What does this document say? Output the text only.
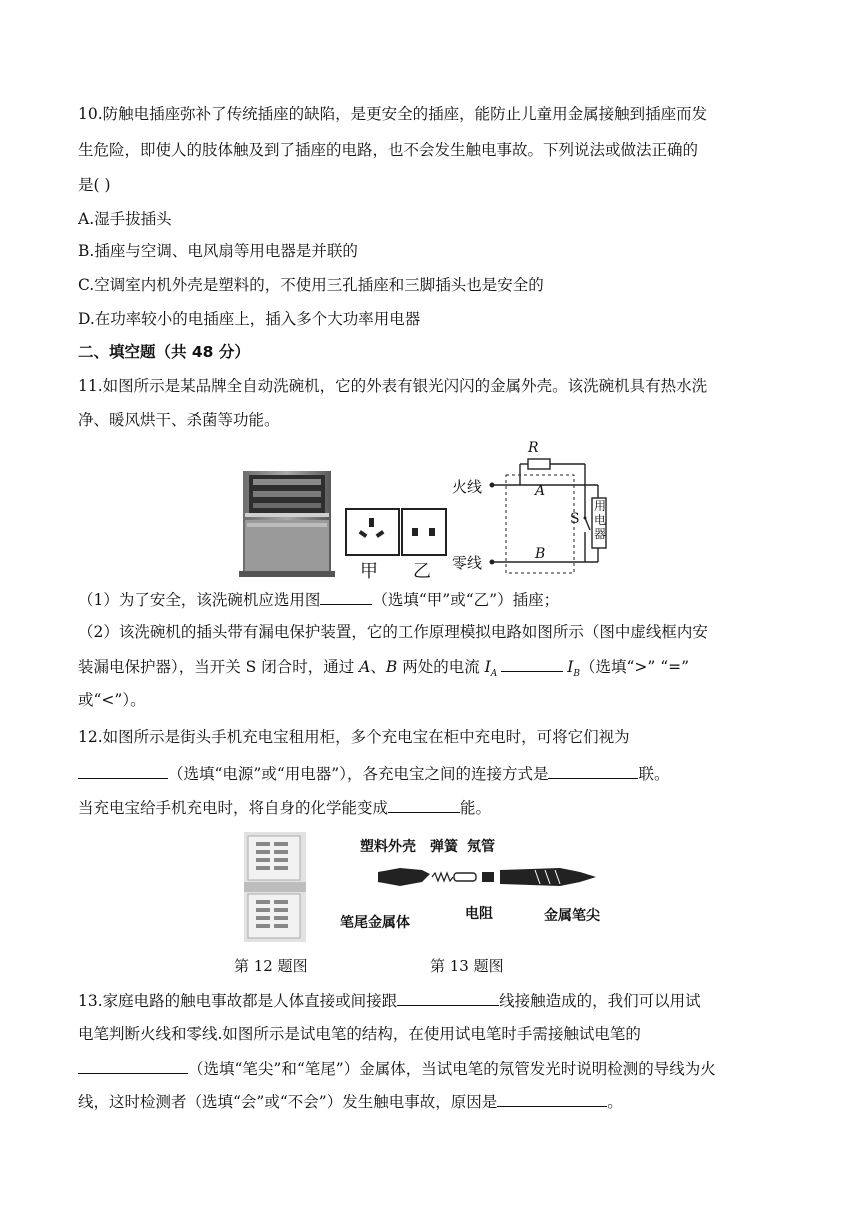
10.防触电插座弥补了传统插座的缺陷，是更安全的插座，能防止儿童用金属接触到插座而发
生危险，即使人的肢体触及到了插座的电路，也不会发生触电事故。下列说法或做法正确的
是( )
A.湿手拔插头
B.插座与空调、电风扇等用电器是并联的
C.空调室内机外壳是塑料的，不使用三孔插座和三脚插头也是安全的
D.在功率较小的电插座上，插入多个大功率用电器
二、填空题（共 48 分）
11.如图所示是某品牌全自动洗碗机，它的外表有银光闪闪的金属外壳。该洗碗机具有热水洗
净、暖风烘干、杀菌等功能。
甲 乙
R
火线	A
S
零线	B
用
电
器
（1）为了安全，该洗碗机应选用图	（选填“甲”或“乙”）插座；
（2）该洗碗机的插头带有漏电保护装置，它的工作原理模拟电路如图所示（图中虚线框内安
装漏电保护器），当开关 S 闭合时，通过 A、B 两处的电流 $I_A$	$I_B$（选填“>” “=”
或“<”）。
12.如图所示是街头手机充电宝租用柜，多个充电宝在柜中充电时，可将它们视为
（选填“电源”或“用电器”），各充电宝之间的连接方式是	联。
当充电宝给手机充电时，将自身的化学能变成	能。
塑料外壳 弹簧 氖管
笔尾金属体
电阻	金属笔尖
第 12 题图	第 13 题图
13.家庭电路的触电事故都是人体直接或间接跟	线接触造成的，我们可以用试
电笔判断火线和零线.如图所示是试电笔的结构，在使用试电笔时手需接触试电笔的
（选填“笔尖”和“笔尾”）金属体，当试电笔的氖管发光时说明检测的导线为火
线，这时检测者（选填“会”或“不会”）发生触电事故，原因是	。
